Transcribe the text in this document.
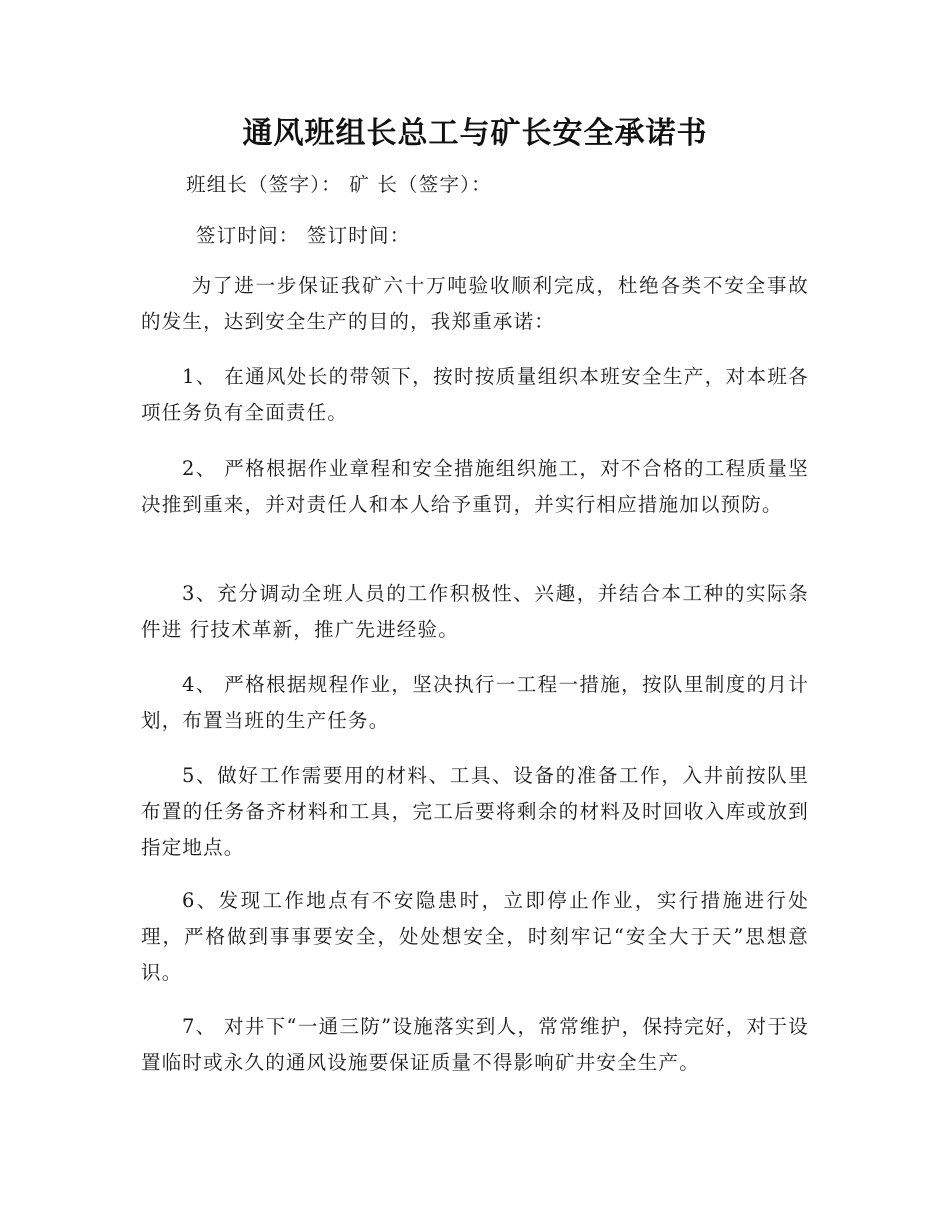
通风班组长总工与矿长安全承诺书
班组长（签字）： 矿 长（签字）：
签订时间： 签订时间：
为了进一步保证我矿六十万吨验收顺利完成，杜绝各类不安全事故的发生，达到安全生产的目的，我郑重承诺：
1、 在通风处长的带领下，按时按质量组织本班安全生产，对本班各项任务负有全面责任。
2、 严格根据作业章程和安全措施组织施工，对不合格的工程质量坚 决推到重来，并对责任人和本人给予重罚，并实行相应措施加以预防。
3、充分调动全班人员的工作积极性、兴趣，并结合本工种的实际条件进 行技术革新，推广先进经验。
4、 严格根据规程作业，坚决执行一工程一措施，按队里制度的月计 划，布置当班的生产任务。
5、做好工作需要用的材料、工具、设备的准备工作，入井前按队里布置的任务备齐材料和工具，完工后要将剩余的材料及时回收入库或放到指定地点。
6、发现工作地点有不安隐患时，立即停止作业，实行措施进行处理，严格做到事事要安全，处处想安全，时刻牢记“安全大于天”思想意识。
7、 对井下“一通三防”设施落实到人，常常维护，保持完好，对于设置临时或永久的通风设施要保证质量不得影响矿井安全生产。
